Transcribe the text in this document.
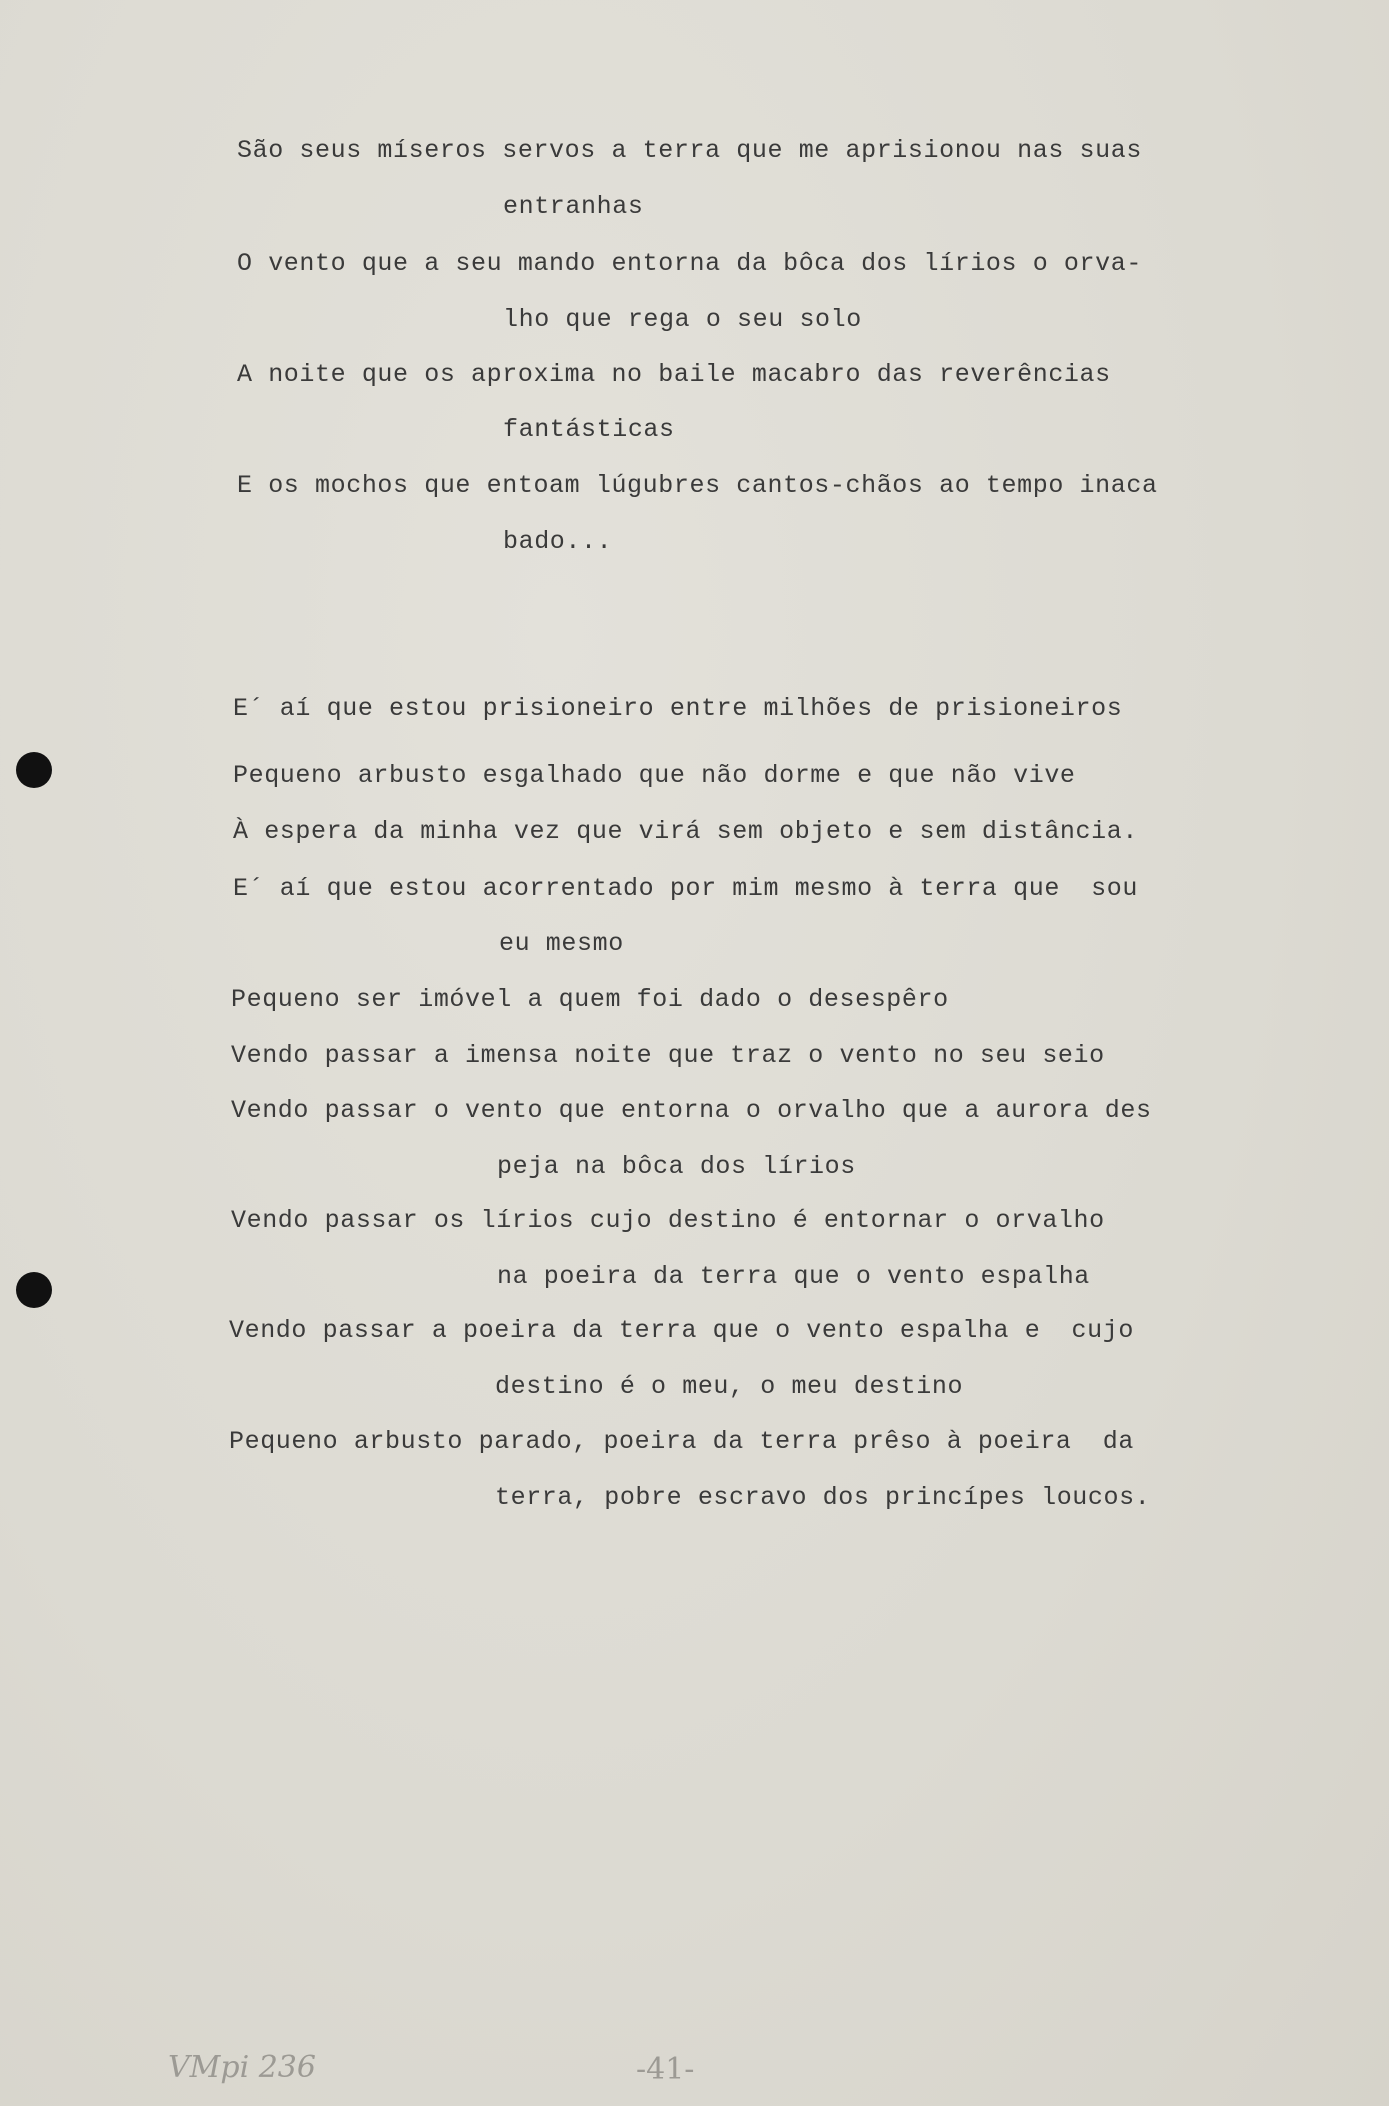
São seus míseros servos a terra que me aprisionou nas suas
entranhas
O vento que a seu mando entorna da bôca dos lírios o orva-
lho que rega o seu solo
A noite que os aproxima no baile macabro das reverências
fantásticas
E os mochos que entoam lúgubres cantos-chãos ao tempo inaca
bado...
E´ aí que estou prisioneiro entre milhões de prisioneiros
Pequeno arbusto esgalhado que não dorme e que não vive
À espera da minha vez que virá sem objeto e sem distância.
E´ aí que estou acorrentado por mim mesmo à terra que  sou
eu mesmo
Pequeno ser imóvel a quem foi dado o desespêro
Vendo passar a imensa noite que traz o vento no seu seio
Vendo passar o vento que entorna o orvalho que a aurora des
peja na bôca dos lírios
Vendo passar os lírios cujo destino é entornar o orvalho
na poeira da terra que o vento espalha
Vendo passar a poeira da terra que o vento espalha e  cujo
destino é o meu, o meu destino
Pequeno arbusto parado, poeira da terra prêso à poeira  da
terra, pobre escravo dos princípes loucos.
VMpi 236	-41-
